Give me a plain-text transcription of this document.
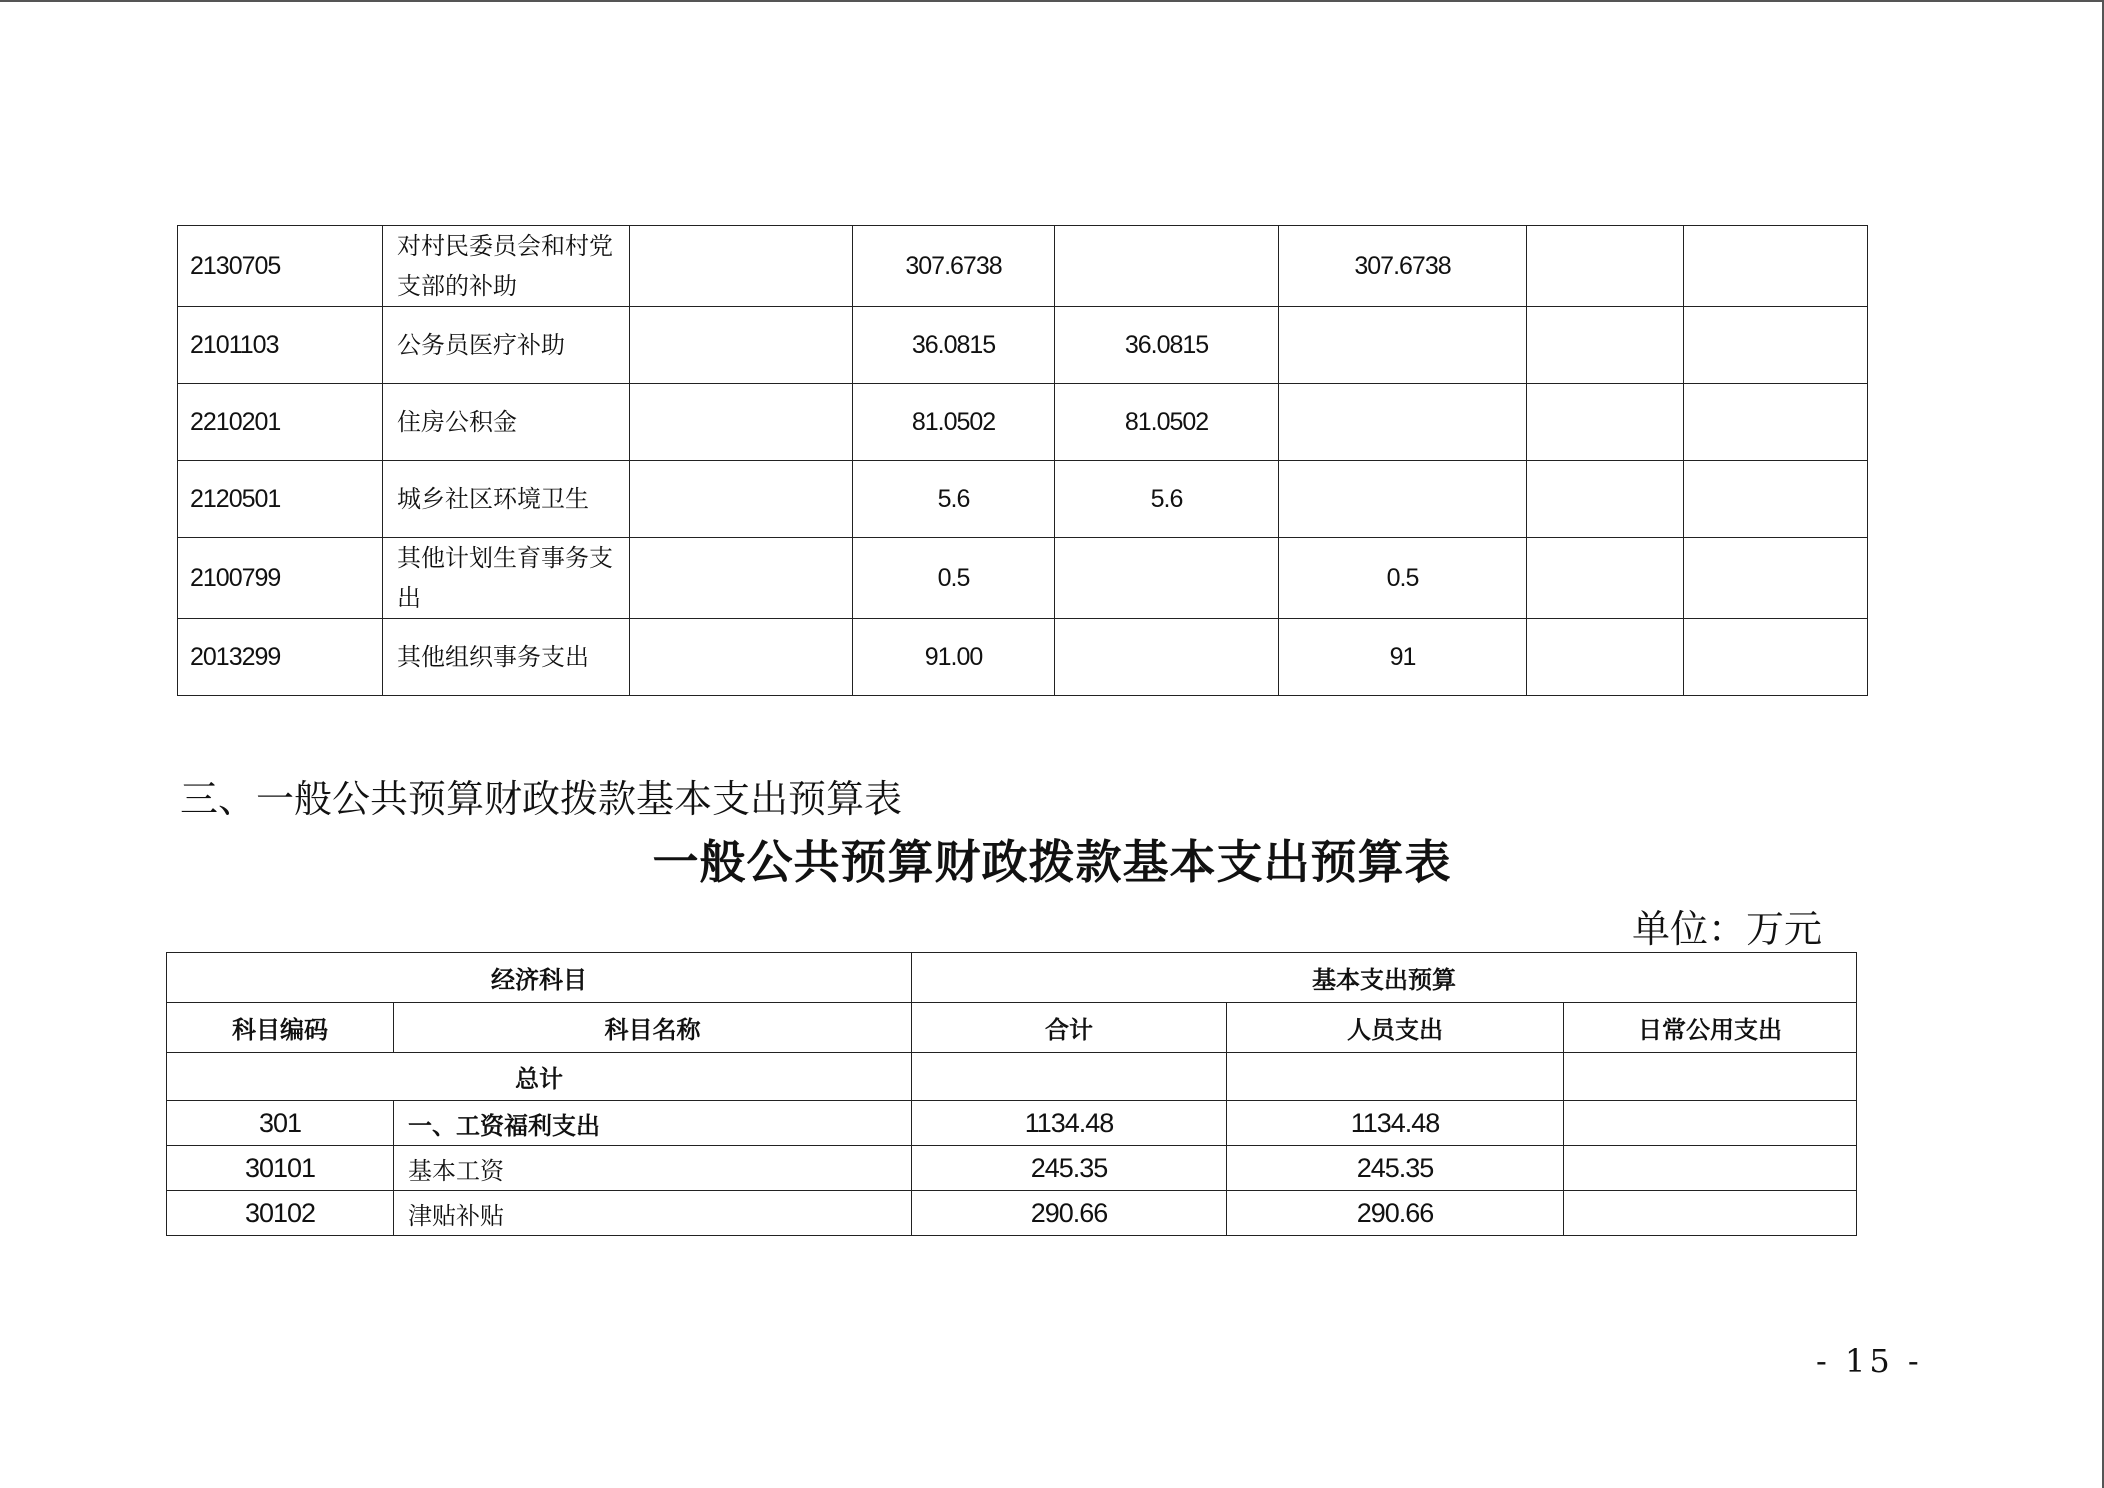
2130705	对村民委员会和村党支部的补助		307.6738		307.6738		
2101103	公务员医疗补助		36.0815	36.0815			
2210201	住房公积金		81.0502	81.0502			
2120501	城乡社区环境卫生		5.6	5.6			
2100799	其他计划生育事务支出		0.5		0.5		
2013299	其他组织事务支出		91.00		91		
三、一般公共预算财政拨款基本支出预算表
一般公共预算财政拨款基本支出预算表
单位：万元
经济科目		基本支出预算		
科目编码	科目名称	合计	人员支出	日常公用支出
总计				
301	一、工资福利支出	1134.48	1134.48	
30101	基本工资	245.35	245.35	
30102	津贴补贴	290.66	290.66	
- 15 -
